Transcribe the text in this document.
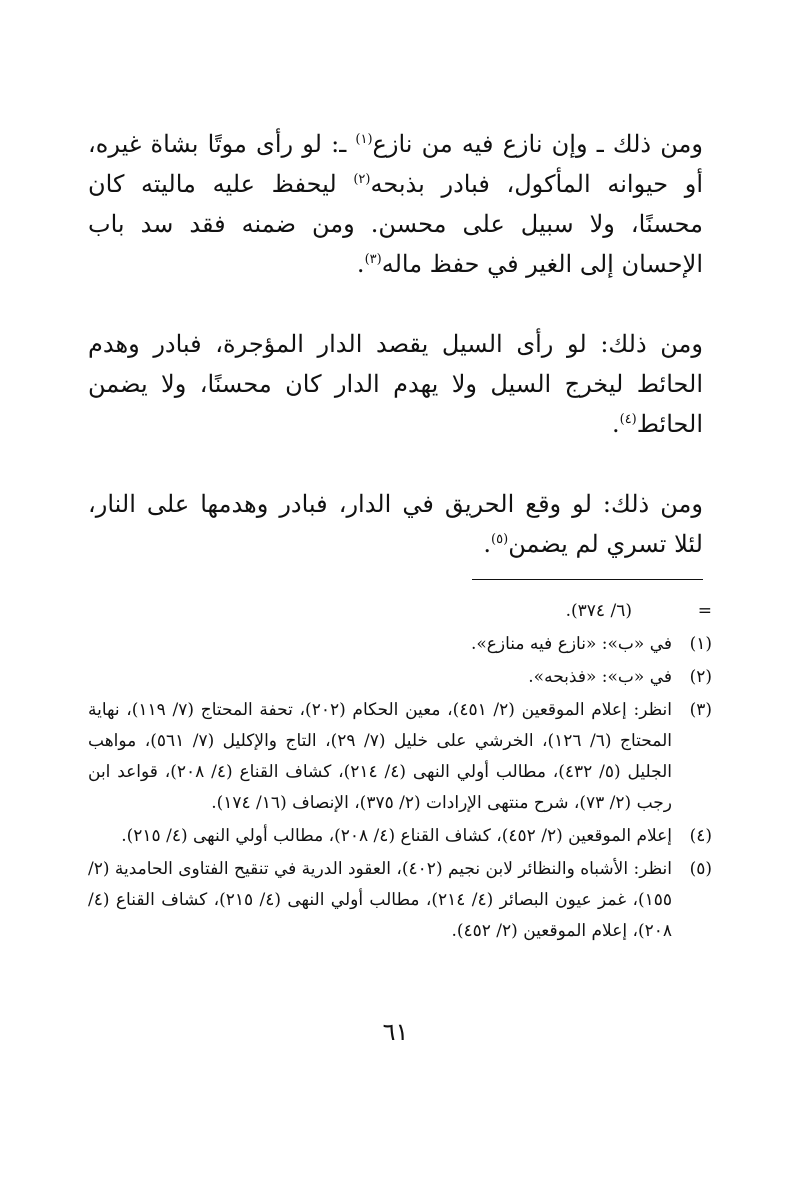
ومن ذلك ـ وإن نازع فيه من نازع$^{(١)}$ ـ: لو رأى موتًا بشاة غيره، أو حيوانه المأكول، فبادر بذبحه$^{(٢)}$ ليحفظ عليه ماليته كان محسنًا، ولا سبيل على محسن. ومن ضمنه فقد سد باب الإحسان إلى الغير في حفظ ماله$^{(٣)}$.

ومن ذلك: لو رأى السيل يقصد الدار المؤجرة، فبادر وهدم الحائط ليخرج السيل ولا يهدم الدار كان محسنًا، ولا يضمن الحائط$^{(٤)}$.

ومن ذلك: لو وقع الحريق في الدار، فبادر وهدمها على النار، لئلا تسري لم يضمن$^{(٥)}$.

=
(٦/ ٣٧٤).
(١)
في «ب»: «نازع فيه منازع».
(٢)
في «ب»: «فذبحه».
(٣)
انظر: إعلام الموقعين (٢/ ٤٥١)، معين الحكام (٢٠٢)، تحفة المحتاج (٧/ ١١٩)، نهاية المحتاج (٦/ ١٢٦)، الخرشي على خليل (٧/ ٢٩)، التاج والإكليل (٧/ ٥٦١)، مواهب الجليل (٥/ ٤٣٢)، مطالب أولي النهى (٤/ ٢١٤)، كشاف القناع (٤/ ٢٠٨)، قواعد ابن رجب (٢/ ٧٣)، شرح منتهى الإرادات (٢/ ٣٧٥)، الإنصاف (١٦/ ١٧٤).
(٤)
إعلام الموقعين (٢/ ٤٥٢)، كشاف القناع (٤/ ٢٠٨)، مطالب أولي النهى (٤/ ٢١٥).
(٥)
انظر: الأشباه والنظائر لابن نجيم (٤٠٢)، العقود الدرية في تنقيح الفتاوى الحامدية (٢/ ١٥٥)، غمز عيون البصائر (٤/ ٢١٤)، مطالب أولي النهى (٤/ ٢١٥)، كشاف القناع (٤/ ٢٠٨)، إعلام الموقعين (٢/ ٤٥٢).
٦١
